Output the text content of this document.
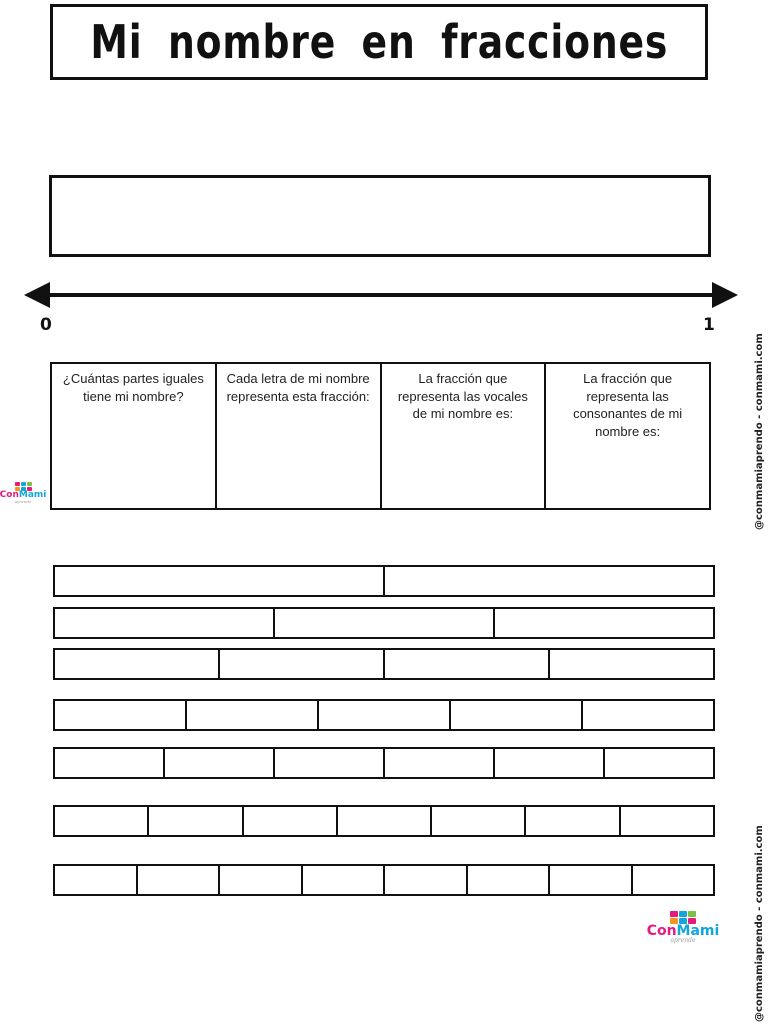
Mi nombre en fracciones
0	1
¿Cuántas partes iguales tiene mi nombre?
Cada letra de mi nombre representa esta fracción:
La fracción que representa las vocales de mi nombre es:
La fracción que representa las consonantes de mi nombre es:
ConMami
aprende
ConMami
aprende
@conmamiaprendo - conmami.com
@conmamiaprendo - conmami.com
